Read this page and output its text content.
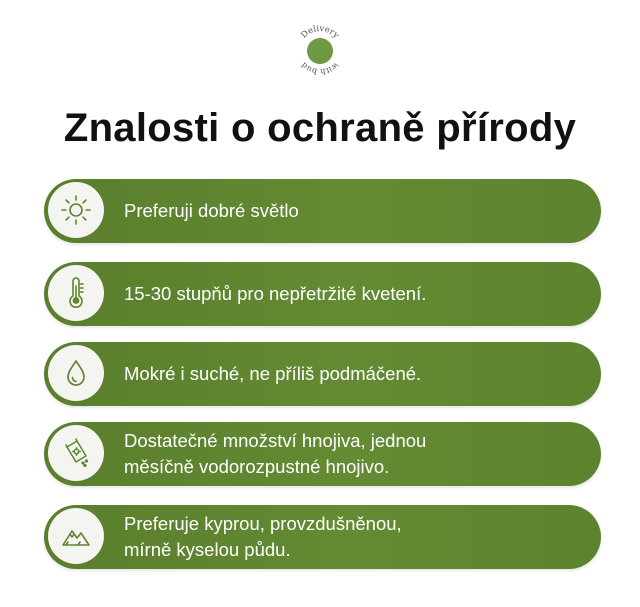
Delivery
with bud
Znalosti o ochraně přírody
Preferuji dobré světlo
15-30 stupňů pro nepřetržité kvetení.
Mokré i suché, ne příliš podmáčené.
Dostatečné množství hnojiva, jednou
měsíčně vodorozpustné hnojivo.
Preferuje kyprou, provzdušněnou,
mírně kyselou půdu.
